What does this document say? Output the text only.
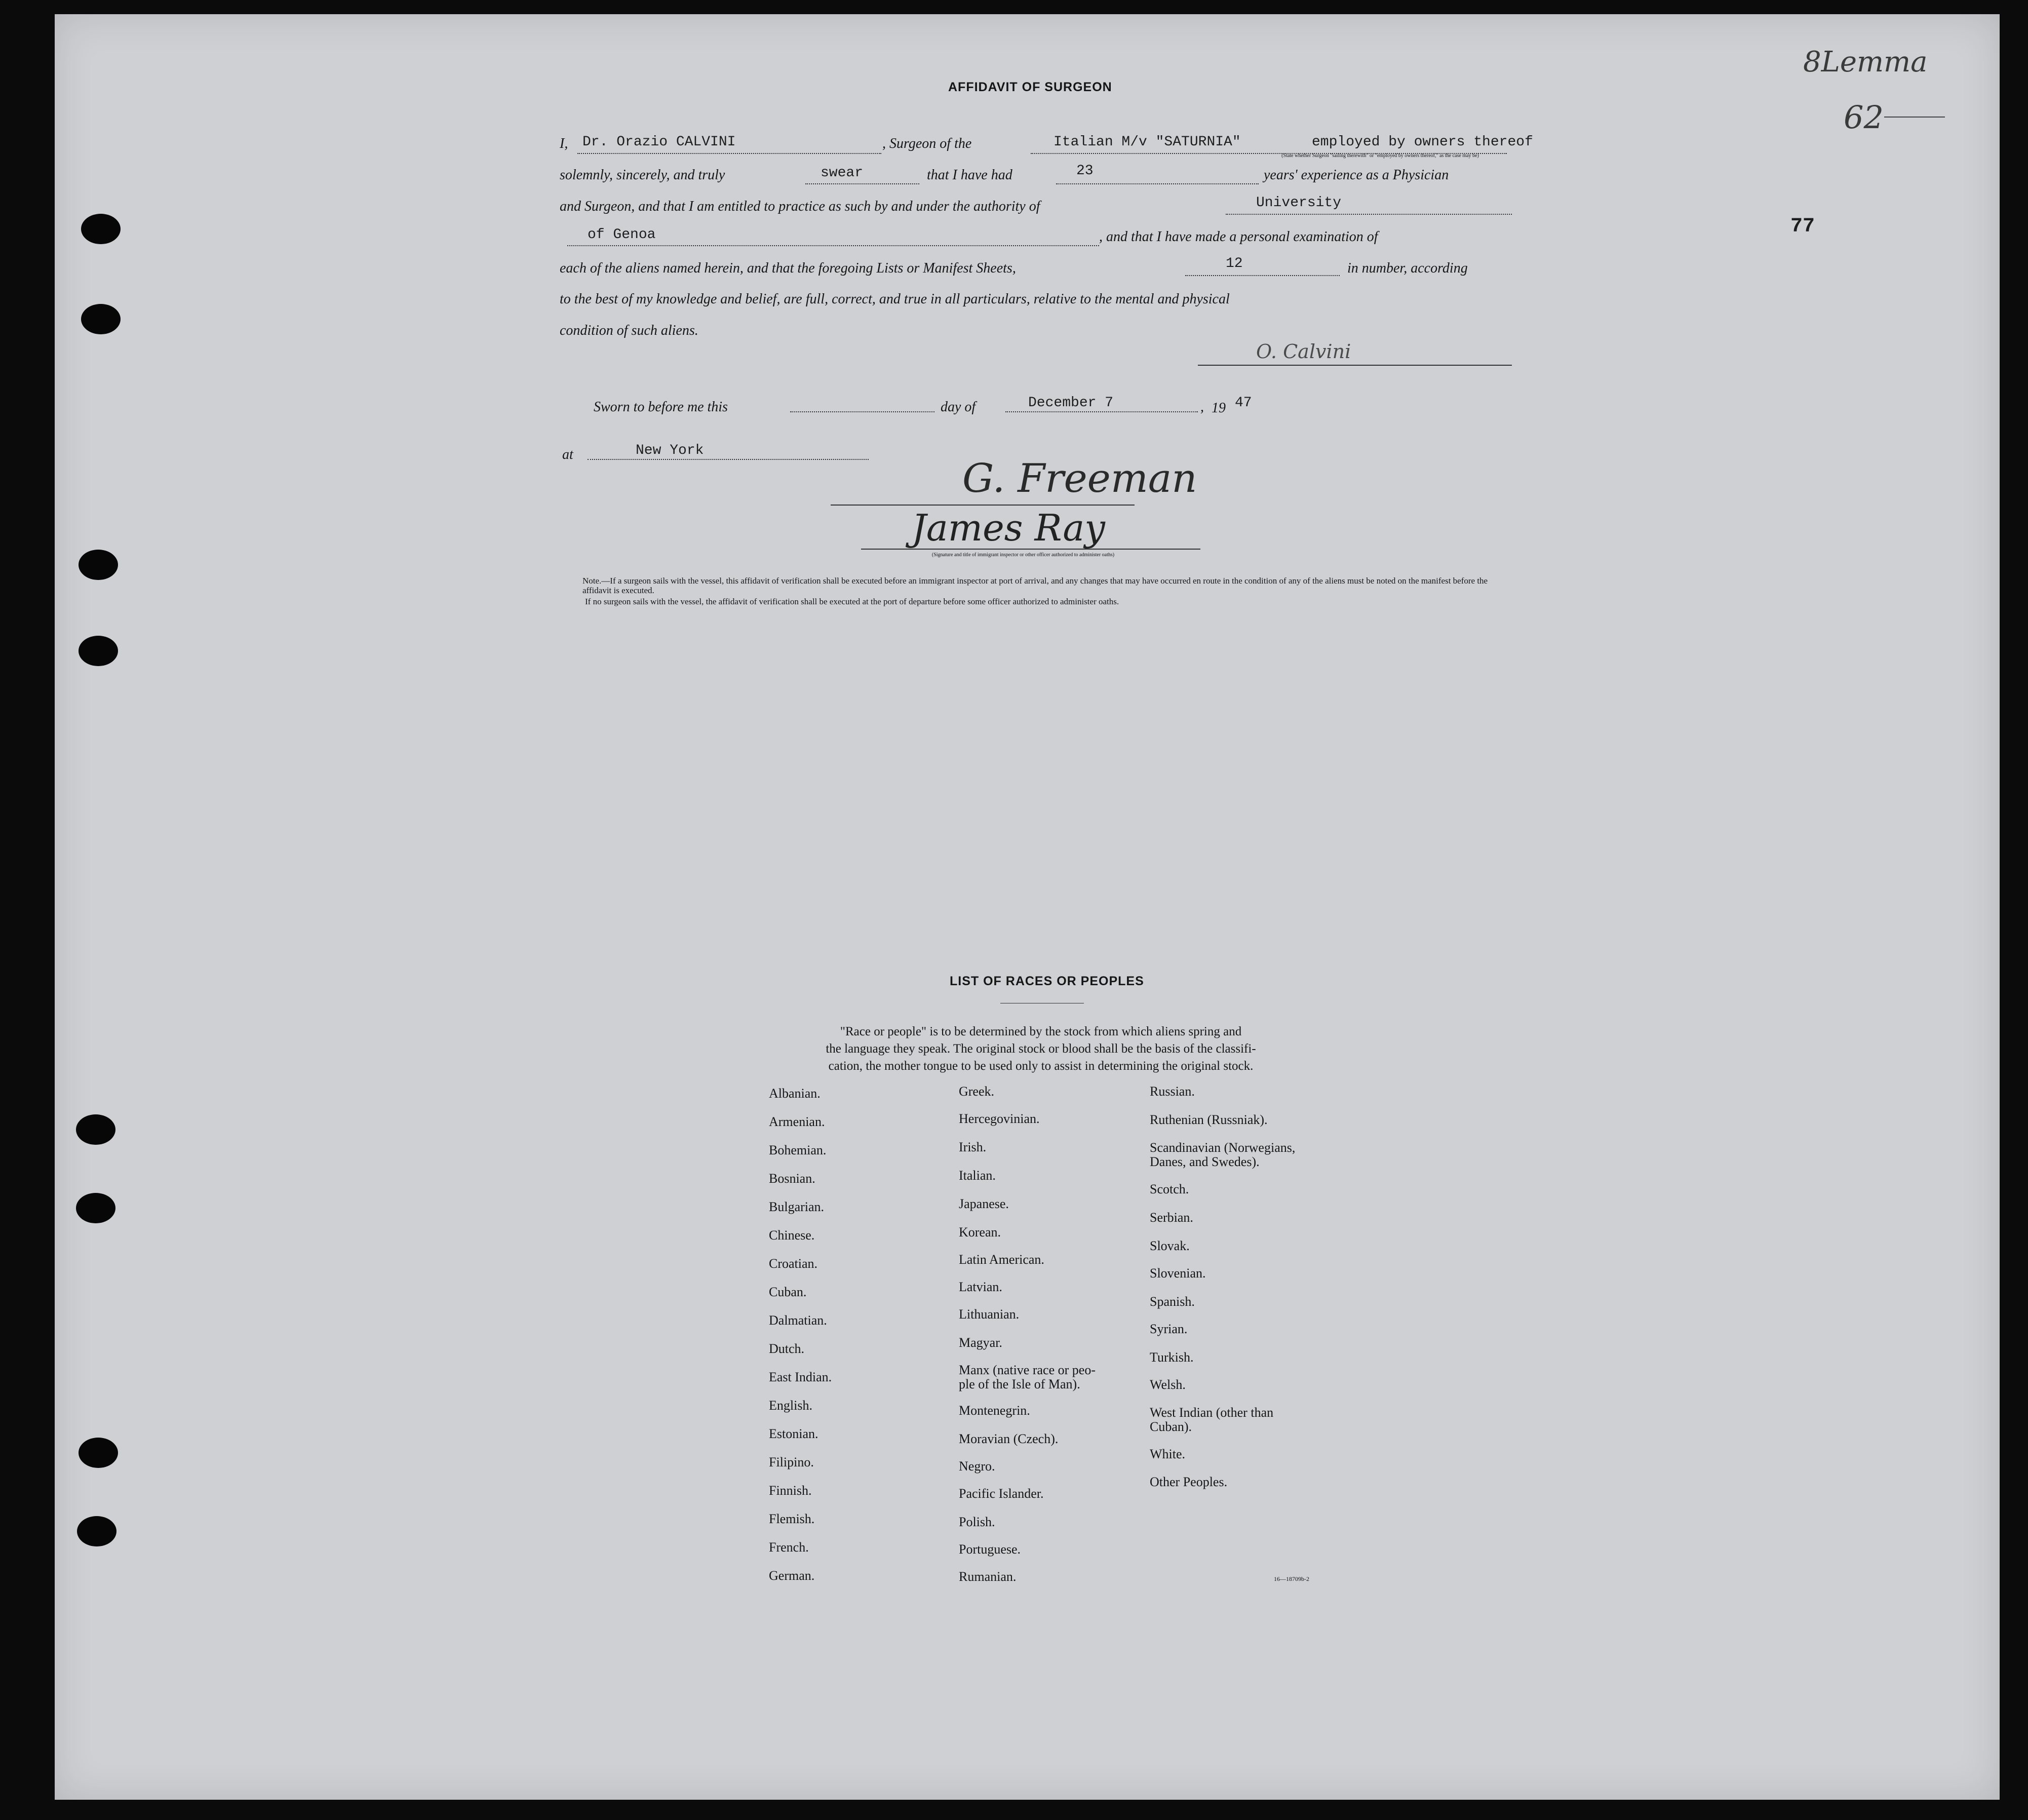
8Lemma
62
77
AFFIDAVIT OF SURGEON
I, Dr. Orazio CALVINI	, Surgeon of the	Italian M/v "SATURNIA"	employed by owners thereof
(State whether Surgeon "sailing therewith" or "employed by owners thereof," as the case may be)
solemnly, sincerely, and truly	swear	that I have had	23	years' experience as a Physician
and Surgeon, and that I am entitled to practice as such by and under the authority of	University
of Genoa	, and that I have made a personal examination of
each of the aliens named herein, and that the foregoing Lists or Manifest Sheets,	12	in number, according
to the best of my knowledge and belief, are full, correct, and true in all particulars, relative to the mental and physical
condition of such aliens.
O. Calvini
Sworn to before me this	day of	December 7	, 19 47
at	New York
G. Freeman
James Ray
(Signature and title of immigrant inspector or other officer authorized to administer oaths)
Note.—If a surgeon sails with the vessel, this affidavit of verification shall be executed before an immigrant inspector at port of arrival, and any changes that may have occurred en route in the condition of any of the aliens must be noted on the manifest before the affidavit is executed.
If no surgeon sails with the vessel, the affidavit of verification shall be executed at the port of departure before some officer authorized to administer oaths.
LIST OF RACES OR PEOPLES
"Race or people" is to be determined by the stock from which aliens spring and
the language they speak. The original stock or blood shall be the basis of the classifi-
cation, the mother tongue to be used only to assist in determining the original stock.
Albanian.
Armenian.
Bohemian.
Bosnian.
Bulgarian.
Chinese.
Croatian.
Cuban.
Dalmatian.
Dutch.
East Indian.
English.
Estonian.
Filipino.
Finnish.
Flemish.
French.
German.
Greek.
Hercegovinian.
Irish.
Italian.
Japanese.
Korean.
Latin American.
Latvian.
Lithuanian.
Magyar.
Manx (native race or peo-
ple of the Isle of Man).
Montenegrin.
Moravian (Czech).
Negro.
Pacific Islander.
Polish.
Portuguese.
Rumanian.
Russian.
Ruthenian (Russniak).
Scandinavian (Norwegians,
Danes, and Swedes).
Scotch.
Serbian.
Slovak.
Slovenian.
Spanish.
Syrian.
Turkish.
Welsh.
West Indian (other than
Cuban).
White.
Other Peoples.
16—18709b-2
